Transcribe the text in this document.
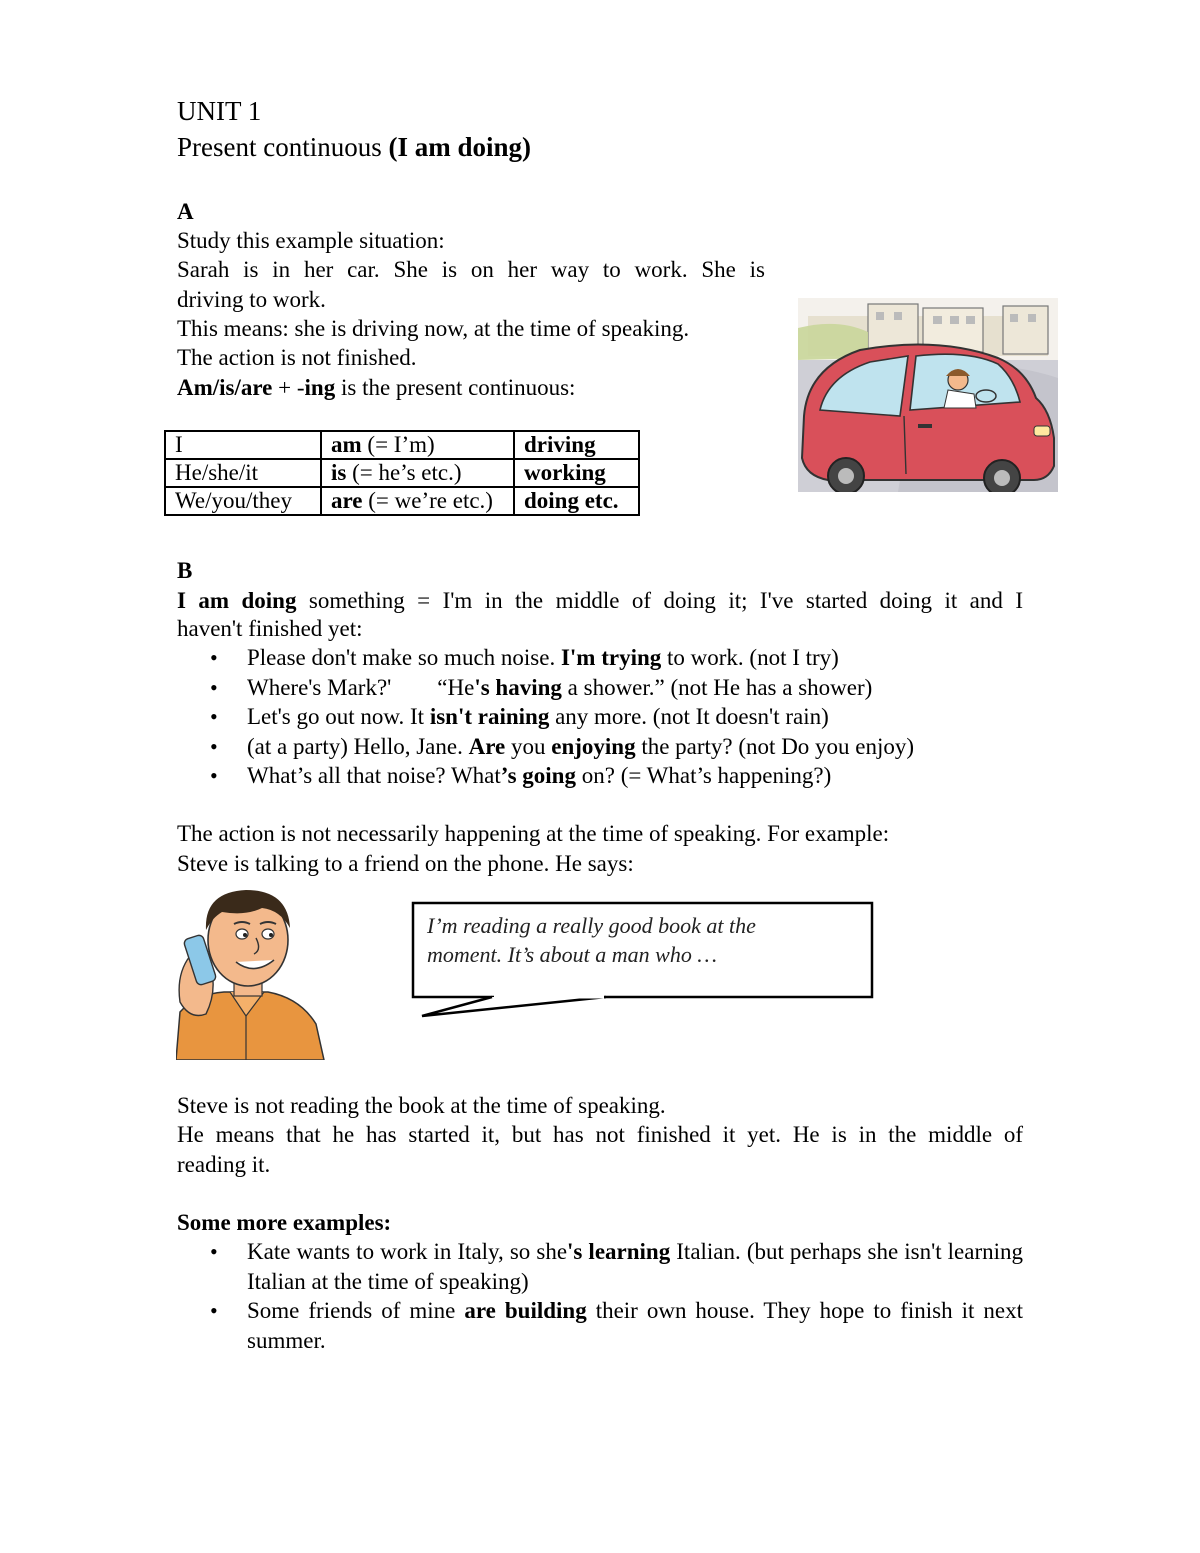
UNIT 1
Present continuous (I am doing)
A
Study this example situation:
Sarah is in her car. She is on her way to work. She is
driving to work.
This means: she is driving now, at the time of speaking.
The action is not finished.
Am/is/are + -ing is the present continuous:
I	am (= I’m)	driving
He/she/it	is (= he’s etc.)	working
We/you/they	are (= we’re etc.)	doing etc.
B
I am doing something = I'm in the middle of doing it; I've started doing it and I
haven't finished yet:
• Please don't make so much noise. I'm trying to work. (not I try)
• Where's Mark?'        “He's having a shower.” (not He has a shower)
• Let's go out now. It isn't raining any more. (not It doesn't rain)
• (at a party) Hello, Jane. Are you enjoying the party? (not Do you enjoy)
• What’s all that noise? What’s going on? (= What’s happening?)
The action is not necessarily happening at the time of speaking. For example:
Steve is talking to a friend on the phone. He says:
I’m reading a really good book at the
moment. It’s about a man who …
Steve is not reading the book at the time of speaking.
He means that he has started it, but has not finished it yet. He is in the middle of
reading it.
Some more examples:
• Kate wants to work in Italy, so she's learning Italian. (but perhaps she isn't learning Italian at the time of speaking)
• Some friends of mine are building their own house. They hope to finish it next summer.
